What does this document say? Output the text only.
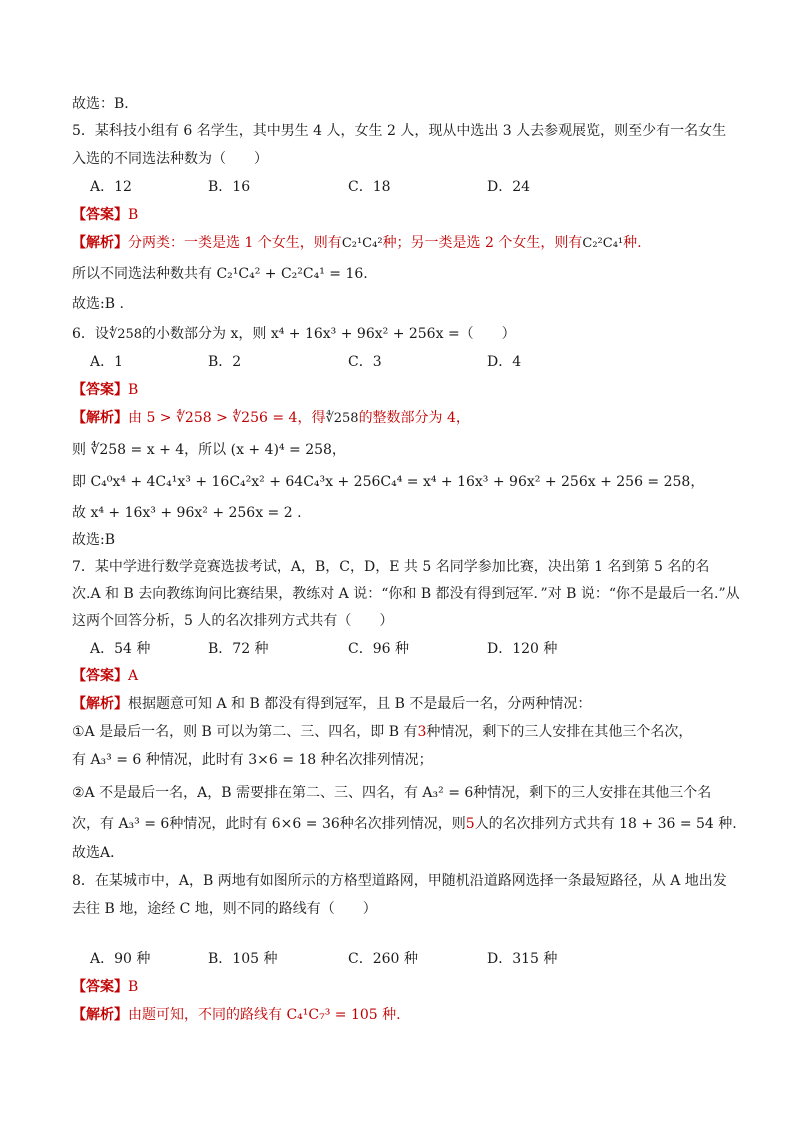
故选：B.
5．某科技小组有 6 名学生，其中男生 4 人，女生 2 人，现从中选出 3 人去参观展览，则至少有一名女生
入选的不同选法种数为（　　）
A．12	B．16	C．18	D．24
【答案】B
【解析】分两类：一类是选 1 个女生，则有C₂¹C₄²种；另一类是选 2 个女生，则有C₂²C₄¹种.
所以不同选法种数共有 C₂¹C₄² + C₂²C₄¹ = 16.
故选:B .
6．设∜258的小数部分为 x，则 x⁴ + 16x³ + 96x² + 256x =（　　）
A．1	B．2	C．3	D．4
【答案】B
【解析】由 5 > ∜258 > ∜256 = 4，得∜258的整数部分为 4，
则 ∜258 = x + 4，所以 (x + 4)⁴ = 258，
即 C₄⁰x⁴ + 4C₄¹x³ + 16C₄²x² + 64C₄³x + 256C₄⁴ = x⁴ + 16x³ + 96x² + 256x + 256 = 258，
故 x⁴ + 16x³ + 96x² + 256x = 2 .
故选:B
7．某中学进行数学竞赛选拔考试，A，B，C，D，E 共 5 名同学参加比赛，决出第 1 名到第 5 名的名
次.A 和 B 去向教练询问比赛结果，教练对 A 说：“你和 B 都没有得到冠军．”对 B 说：“你不是最后一名.”从
这两个回答分析，5 人的名次排列方式共有（　　）
A．54 种	B．72 种	C．96 种	D．120 种
【答案】A
【解析】根据题意可知 A 和 B 都没有得到冠军，且 B 不是最后一名，分两种情况：
①A 是最后一名，则 B 可以为第二、三、四名，即 B 有3种情况，剩下的三人安排在其他三个名次，
有 A₃³ = 6 种情况，此时有 3×6 = 18 种名次排列情况；
②A 不是最后一名，A，B 需要排在第二、三、四名，有 A₃² = 6种情况，剩下的三人安排在其他三个名
次，有 A₃³ = 6种情况，此时有 6×6 = 36种名次排列情况，则5人的名次排列方式共有 18 + 36 = 54 种.
故选A．
8．在某城市中，A，B 两地有如图所示的方格型道路网，甲随机沿道路网选择一条最短路径，从 A 地出发
去往 B 地，途经 C 地，则不同的路线有（　　）
A．90 种	B．105 种	C．260 种	D．315 种
【答案】B
【解析】由题可知，不同的路线有 C₄¹C₇³ = 105 种.
